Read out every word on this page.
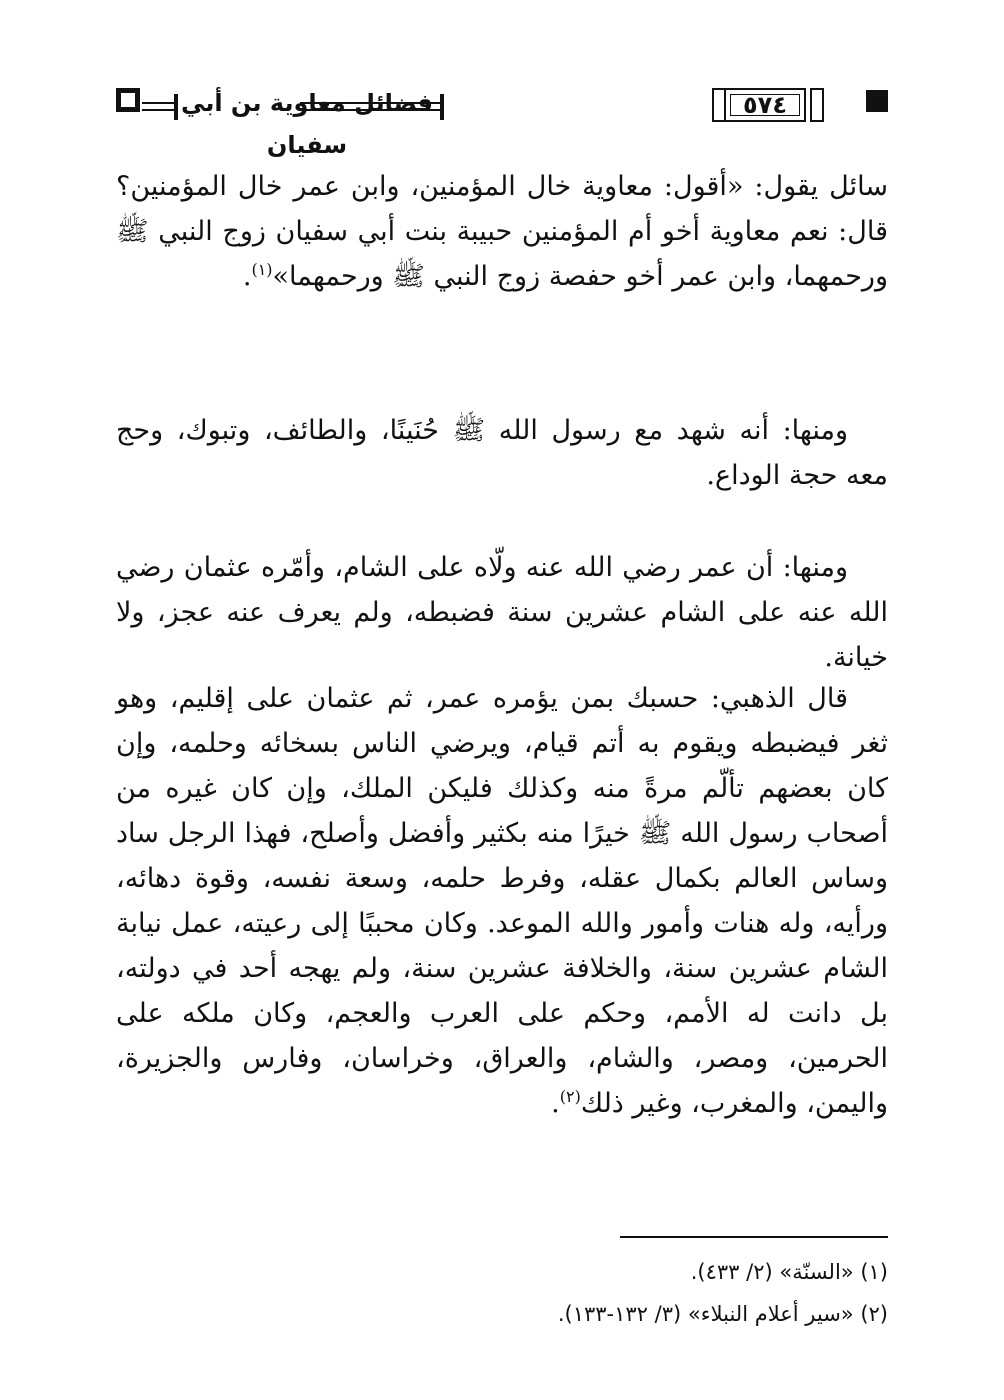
٥٧٤
فضائل معاوية بن أبي سفيان

سائل يقول: «أقول: معاوية خال المؤمنين، وابن عمر خال المؤمنين؟ قال: نعم معاوية أخو أم المؤمنين حبيبة بنت أبي سفيان زوج النبي ﷺ ورحمهما، وابن عمر أخو حفصة زوج النبي ﷺ ورحمهما»$^{(١)}$.

ومنها: أنه شهد مع رسول الله ﷺ حُنَينًا، والطائف، وتبوك، وحج معه حجة الوداع.

ومنها: أن عمر رضي الله عنه ولّاه على الشام، وأمّره عثمان رضي الله عنه على الشام عشرين سنة فضبطه، ولم يعرف عنه عجز، ولا خيانة.

قال الذهبي: حسبك بمن يؤمره عمر، ثم عثمان على إقليم، وهو ثغر فيضبطه ويقوم به أتم قيام، ويرضي الناس بسخائه وحلمه، وإن كان بعضهم تألّم مرةً منه وكذلك فليكن الملك، وإن كان غيره من أصحاب رسول الله ﷺ خيرًا منه بكثير وأفضل وأصلح، فهذا الرجل ساد وساس العالم بكمال عقله، وفرط حلمه، وسعة نفسه، وقوة دهائه، ورأيه، وله هنات وأمور والله الموعد. وكان محببًا إلى رعيته، عمل نيابة الشام عشرين سنة، والخلافة عشرين سنة، ولم يهجه أحد في دولته، بل دانت له الأمم، وحكم على العرب والعجم، وكان ملكه على الحرمين، ومصر، والشام، والعراق، وخراسان، وفارس والجزيرة، واليمن، والمغرب، وغير ذلك$^{(٢)}$.

(١) «السنّة» (٢/ ٤٣٣).
(٢) «سير أعلام النبلاء» (٣/ ١٣٢-١٣٣).
